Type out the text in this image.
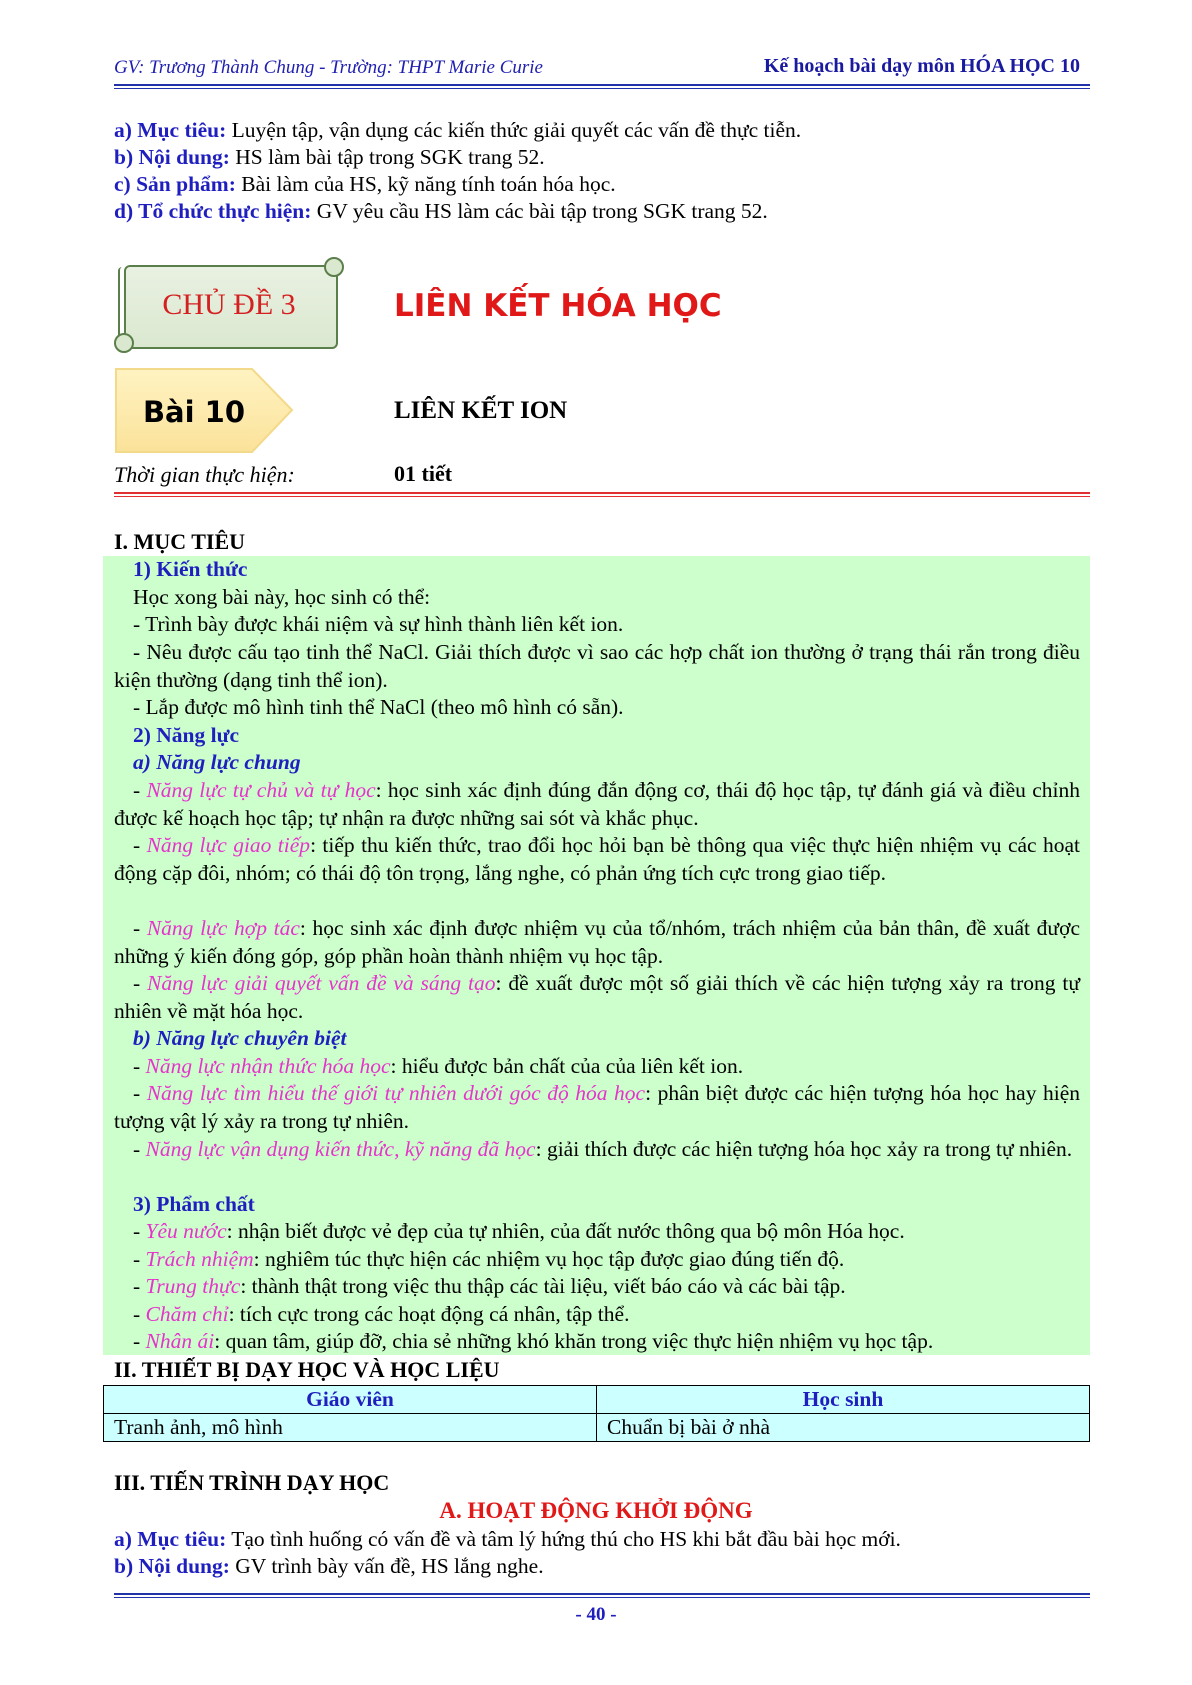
GV: Trương Thành Chung - Trường: THPT Marie Curie	Kế hoạch bài dạy môn HÓA HỌC 10
a) Mục tiêu: Luyện tập, vận dụng các kiến thức giải quyết các vấn đề thực tiễn.
b) Nội dung: HS làm bài tập trong SGK trang 52.
c) Sản phẩm: Bài làm của HS, kỹ năng tính toán hóa học.
d) Tổ chức thực hiện: GV yêu cầu HS làm các bài tập trong SGK trang 52.
CHỦ ĐỀ 3	LIÊN KẾT HÓA HỌC
Bài 10	LIÊN KẾT ION
Thời gian thực hiện:	01 tiết
I. MỤC TIÊU
1) Kiến thức
Học xong bài này, học sinh có thể:
- Trình bày được khái niệm và sự hình thành liên kết ion.
- Nêu được cấu tạo tinh thể NaCl. Giải thích được vì sao các hợp chất ion thường ở trạng thái rắn trong điều kiện thường (dạng tinh thể ion).
- Lắp được mô hình tinh thể NaCl (theo mô hình có sẵn).
2) Năng lực
a) Năng lực chung
- Năng lực tự chủ và tự học: học sinh xác định đúng đắn động cơ, thái độ học tập, tự đánh giá và điều chỉnh được kế hoạch học tập; tự nhận ra được những sai sót và khắc phục.
- Năng lực giao tiếp: tiếp thu kiến thức, trao đổi học hỏi bạn bè thông qua việc thực hiện nhiệm vụ các hoạt động cặp đôi, nhóm; có thái độ tôn trọng, lắng nghe, có phản ứng tích cực trong giao tiếp.
- Năng lực hợp tác: học sinh xác định được nhiệm vụ của tổ/nhóm, trách nhiệm của bản thân, đề xuất được những ý kiến đóng góp, góp phần hoàn thành nhiệm vụ học tập.
- Năng lực giải quyết vấn đề và sáng tạo: đề xuất được một số giải thích về các hiện tượng xảy ra trong tự nhiên về mặt hóa học.
b) Năng lực chuyên biệt
- Năng lực nhận thức hóa học: hiểu được bản chất của của liên kết ion.
- Năng lực tìm hiểu thế giới tự nhiên dưới góc độ hóa học: phân biệt được các hiện tượng hóa học hay hiện tượng vật lý xảy ra trong tự nhiên.
- Năng lực vận dụng kiến thức, kỹ năng đã học: giải thích được các hiện tượng hóa học xảy ra trong tự nhiên.
3) Phẩm chất
- Yêu nước: nhận biết được vẻ đẹp của tự nhiên, của đất nước thông qua bộ môn Hóa học.
- Trách nhiệm: nghiêm túc thực hiện các nhiệm vụ học tập được giao đúng tiến độ.
- Trung thực: thành thật trong việc thu thập các tài liệu, viết báo cáo và các bài tập.
- Chăm chỉ: tích cực trong các hoạt động cá nhân, tập thể.
- Nhân ái: quan tâm, giúp đỡ, chia sẻ những khó khăn trong việc thực hiện nhiệm vụ học tập.
II. THIẾT BỊ DẠY HỌC VÀ HỌC LIỆU
Giáo viên	Học sinh
Tranh ảnh, mô hình	Chuẩn bị bài ở nhà
III. TIẾN TRÌNH DẠY HỌC
A. HOẠT ĐỘNG KHỞI ĐỘNG
a) Mục tiêu: Tạo tình huống có vấn đề và tâm lý hứng thú cho HS khi bắt đầu bài học mới.
b) Nội dung: GV trình bày vấn đề, HS lắng nghe.
- 40 -
